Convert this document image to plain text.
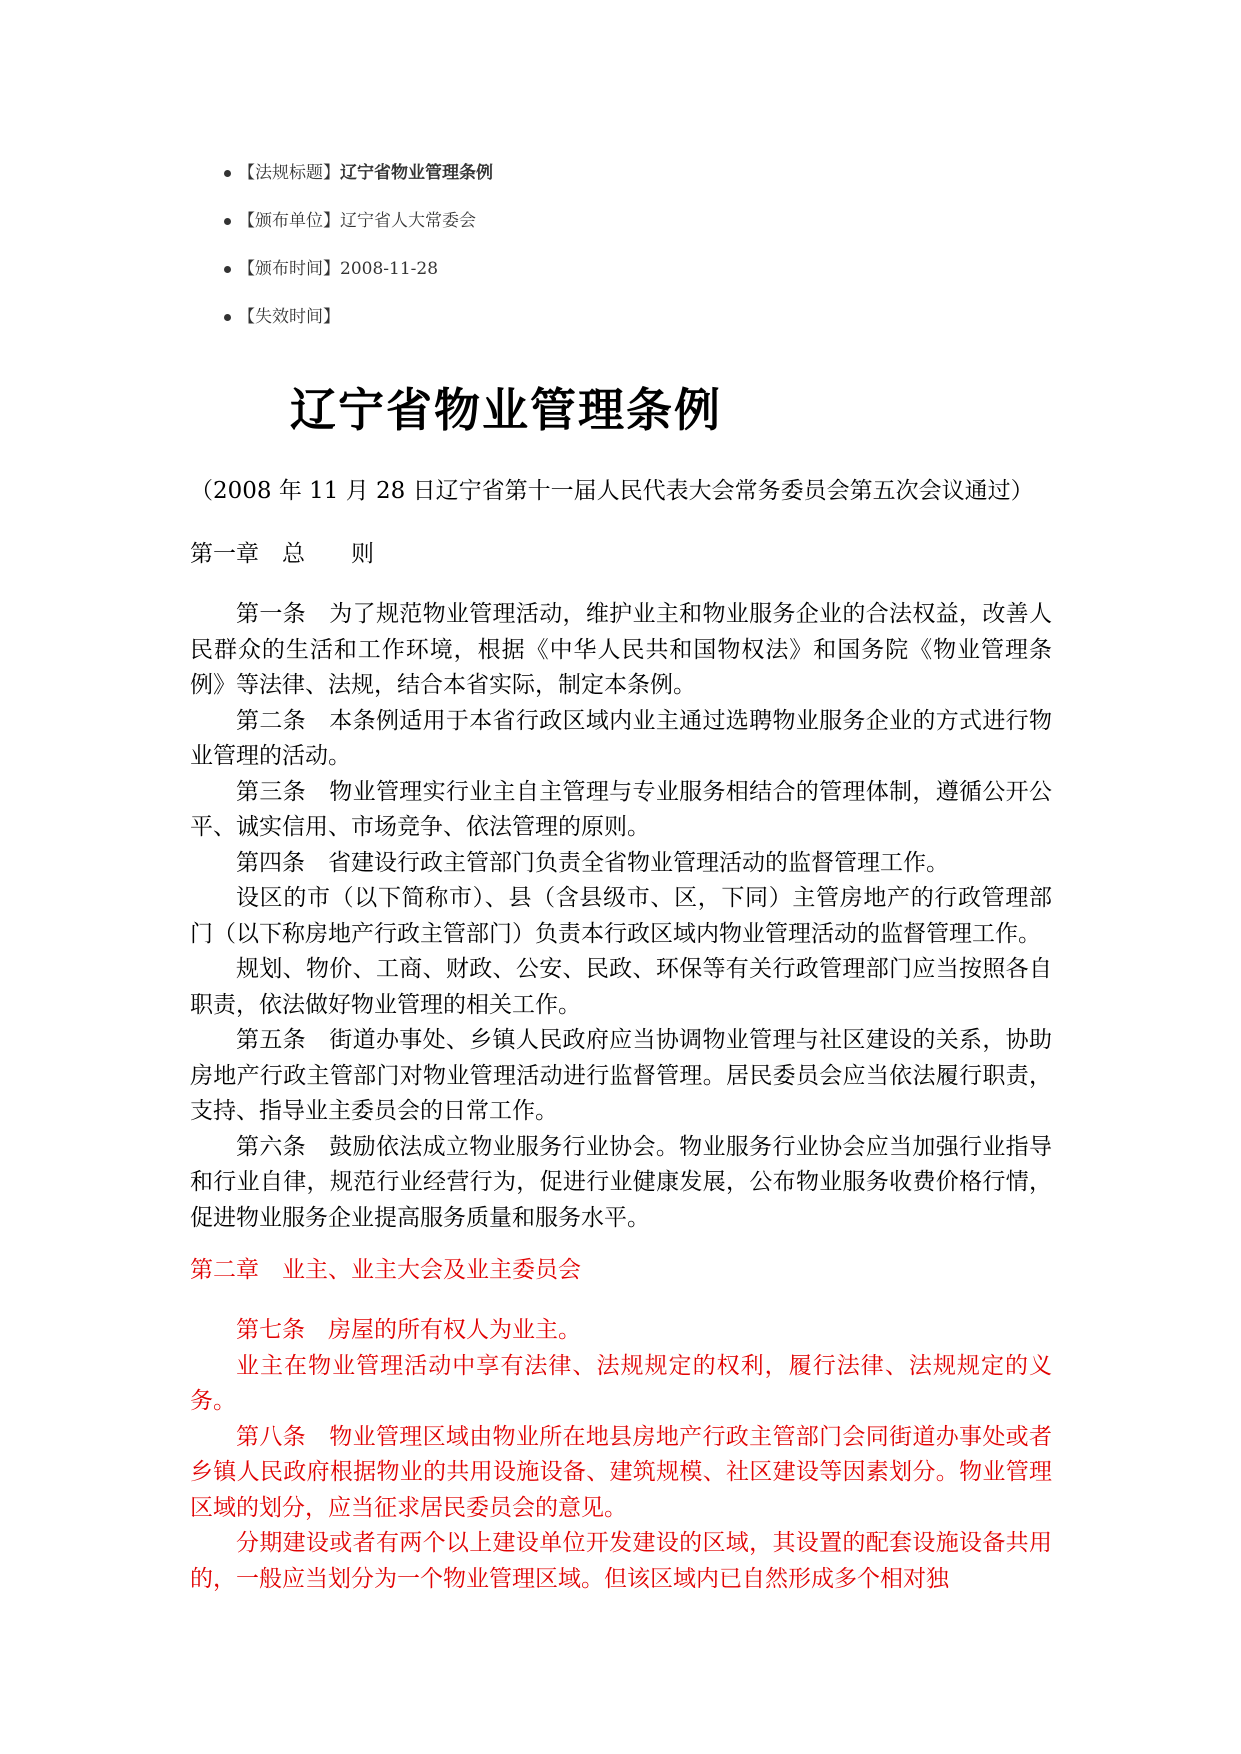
【法规标题】辽宁省物业管理条例
【颁布单位】辽宁省人大常委会
【颁布时间】2008-11-28
【失效时间】
辽宁省物业管理条例
（2008 年 11 月 28 日辽宁省第十一届人民代表大会常务委员会第五次会议通过）
第一章　总　　则

第一条　为了规范物业管理活动，维护业主和物业服务企业的合法权益，改善人民群众的生活和工作环境，根据《中华人民共和国物权法》和国务院《物业管理条例》等法律、法规，结合本省实际，制定本条例。

第二条　本条例适用于本省行政区域内业主通过选聘物业服务企业的方式进行物业管理的活动。

第三条　物业管理实行业主自主管理与专业服务相结合的管理体制，遵循公开公平、诚实信用、市场竞争、依法管理的原则。

第四条　省建设行政主管部门负责全省物业管理活动的监督管理工作。

设区的市（以下简称市）、县（含县级市、区，下同）主管房地产的行政管理部门（以下称房地产行政主管部门）负责本行政区域内物业管理活动的监督管理工作。

规划、物价、工商、财政、公安、民政、环保等有关行政管理部门应当按照各自职责，依法做好物业管理的相关工作。

第五条　街道办事处、乡镇人民政府应当协调物业管理与社区建设的关系，协助房地产行政主管部门对物业管理活动进行监督管理。居民委员会应当依法履行职责，支持、指导业主委员会的日常工作。

第六条　鼓励依法成立物业服务行业协会。物业服务行业协会应当加强行业指导和行业自律，规范行业经营行为，促进行业健康发展，公布物业服务收费价格行情，促进物业服务企业提高服务质量和服务水平。

第二章　业主、业主大会及业主委员会

第七条　房屋的所有权人为业主。

业主在物业管理活动中享有法律、法规规定的权利，履行法律、法规规定的义务。

第八条　物业管理区域由物业所在地县房地产行政主管部门会同街道办事处或者乡镇人民政府根据物业的共用设施设备、建筑规模、社区建设等因素划分。物业管理区域的划分，应当征求居民委员会的意见。

分期建设或者有两个以上建设单位开发建设的区域，其设置的配套设施设备共用的，一般应当划分为一个物业管理区域。但该区域内已自然形成多个相对独
